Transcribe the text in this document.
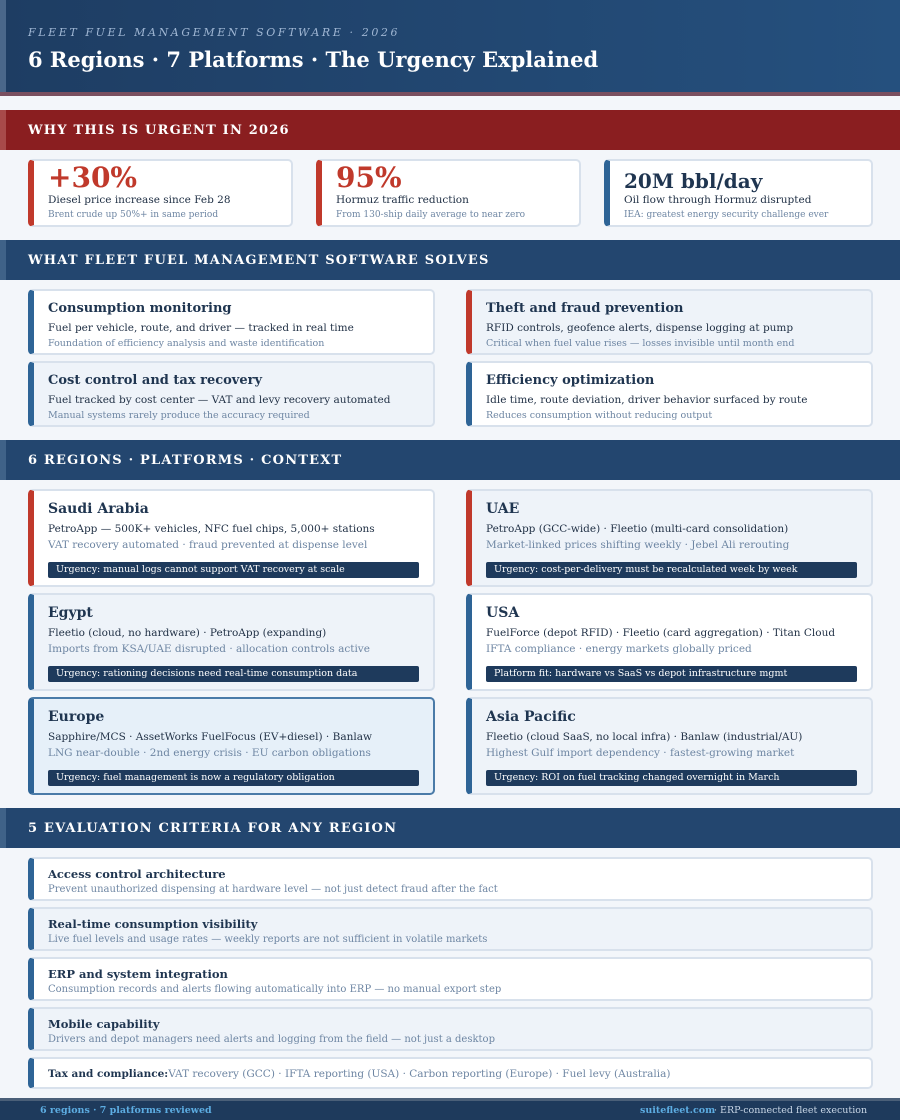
FLEET FUEL MANAGEMENT SOFTWARE · 2026
6 Regions · 7 Platforms · The Urgency Explained
WHY THIS IS URGENT IN 2026
+30%
Diesel price increase since Feb 28
Brent crude up 50%+ in same period
95%
Hormuz traffic reduction
From 130-ship daily average to near zero
20M bbl/day
Oil flow through Hormuz disrupted
IEA: greatest energy security challenge ever
WHAT FLEET FUEL MANAGEMENT SOFTWARE SOLVES
Consumption monitoring
Fuel per vehicle, route, and driver — tracked in real time
Foundation of efficiency analysis and waste identification
Theft and fraud prevention
RFID controls, geofence alerts, dispense logging at pump
Critical when fuel value rises — losses invisible until month end
Cost control and tax recovery
Fuel tracked by cost center — VAT and levy recovery automated
Manual systems rarely produce the accuracy required
Efficiency optimization
Idle time, route deviation, driver behavior surfaced by route
Reduces consumption without reducing output
6 REGIONS · PLATFORMS · CONTEXT
Saudi Arabia
PetroApp — 500K+ vehicles, NFC fuel chips, 5,000+ stations
VAT recovery automated · fraud prevented at dispense level
Urgency: manual logs cannot support VAT recovery at scale
UAE
PetroApp (GCC-wide) · Fleetio (multi-card consolidation)
Market-linked prices shifting weekly · Jebel Ali rerouting
Urgency: cost-per-delivery must be recalculated week by week
Egypt
Fleetio (cloud, no hardware) · PetroApp (expanding)
Imports from KSA/UAE disrupted · allocation controls active
Urgency: rationing decisions need real-time consumption data
USA
FuelForce (depot RFID) · Fleetio (card aggregation) · Titan Cloud
IFTA compliance · energy markets globally priced
Platform fit: hardware vs SaaS vs depot infrastructure mgmt
Europe
Sapphire/MCS · AssetWorks FuelFocus (EV+diesel) · Banlaw
LNG near-double · 2nd energy crisis · EU carbon obligations
Urgency: fuel management is now a regulatory obligation
Asia Pacific
Fleetio (cloud SaaS, no local infra) · Banlaw (industrial/AU)
Highest Gulf import dependency · fastest-growing market
Urgency: ROI on fuel tracking changed overnight in March
5 EVALUATION CRITERIA FOR ANY REGION
Access control architecture
Prevent unauthorized dispensing at hardware level — not just detect fraud after the fact
Real-time consumption visibility
Live fuel levels and usage rates — weekly reports are not sufficient in volatile markets
ERP and system integration
Consumption records and alerts flowing automatically into ERP — no manual export step
Mobile capability
Drivers and depot managers need alerts and logging from the field — not just a desktop
Tax and compliance:VAT recovery (GCC) · IFTA reporting (USA) · Carbon reporting (Europe) · Fuel levy (Australia)
6 regions · 7 platforms reviewed	suitefleet.com
· ERP-connected fleet execution
